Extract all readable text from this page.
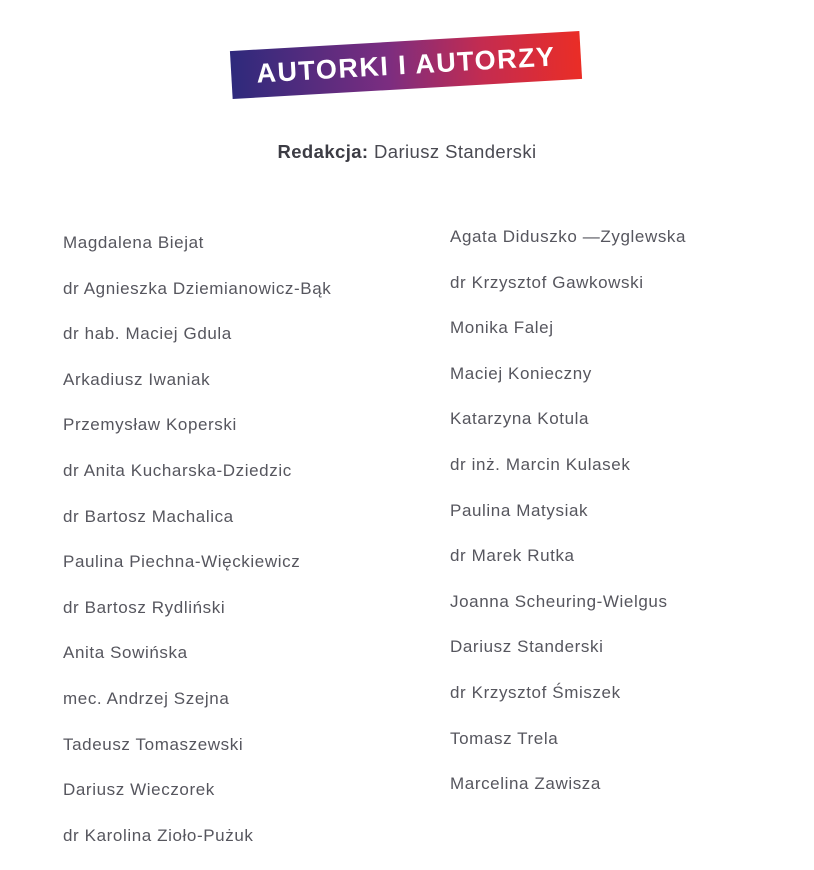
AUTORKI I AUTORZY
Redakcja: Dariusz Standerski
Magdalena Biejat
dr Agnieszka Dziemianowicz-Bąk
dr hab. Maciej Gdula
Arkadiusz Iwaniak
Przemysław Koperski
dr Anita Kucharska-Dziedzic
dr Bartosz Machalica
Paulina Piechna-Więckiewicz
dr Bartosz Rydliński
Anita Sowińska
mec. Andrzej Szejna
Tadeusz Tomaszewski
Dariusz Wieczorek
dr Karolina Zioło-Pużuk
Agata Diduszko —Zyglewska
dr Krzysztof Gawkowski
Monika Falej
Maciej Konieczny
Katarzyna Kotula
dr inż. Marcin Kulasek
Paulina Matysiak
dr Marek Rutka
Joanna Scheuring-Wielgus
Dariusz Standerski
dr Krzysztof Śmiszek
Tomasz Trela
Marcelina Zawisza
